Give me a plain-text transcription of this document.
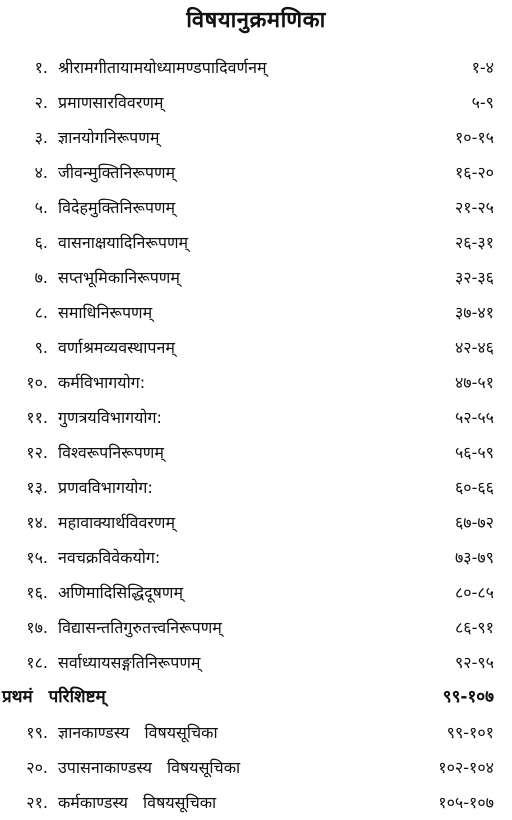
विषयानुक्रमणिका
१. श्रीरामगीतायामयोध्यामण्डपादिवर्णनम्	१-४
२. प्रमाणसारविवरणम्	५-९
३. ज्ञानयोगनिरूपणम्	१०-१५
४. जीवन्मुक्तिनिरूपणम्	१६-२०
५. विदेहमुक्तिनिरूपणम्	२१-२५
६. वासनाक्षयादिनिरूपणम्	२६-३१
७. सप्तभूमिकानिरूपणम्	३२-३६
८. समाधिनिरूपणम्	३७-४१
९. वर्णाश्रमव्यवस्थापनम्	४२-४६
१०. कर्मविभागयोग:	४७-५१
११. गुणत्रयविभागयोग:	५२-५५
१२. विश्वरूपनिरूपणम्	५६-५९
१३. प्रणवविभागयोग:	६०-६६
१४. महावाक्यार्थविवरणम्	६७-७२
१५. नवचक्रविवेकयोग:	७३-७९
१६. अणिमादिसिद्धिदूषणम्	८०-८५
१७. विद्यासन्ततिगुरुतत्त्वनिरूपणम्	८६-९१
१८. सर्वाध्यायसङ्गतिनिरूपणम्	९२-९५
प्रथमं परिशिष्टम्	९९-१०७
१९. ज्ञानकाण्डस्य विषयसूचिका	९९-१०१
२०. उपासनाकाण्डस्य विषयसूचिका	१०२-१०४
२१. कर्मकाण्डस्य विषयसूचिका	१०५-१०७
